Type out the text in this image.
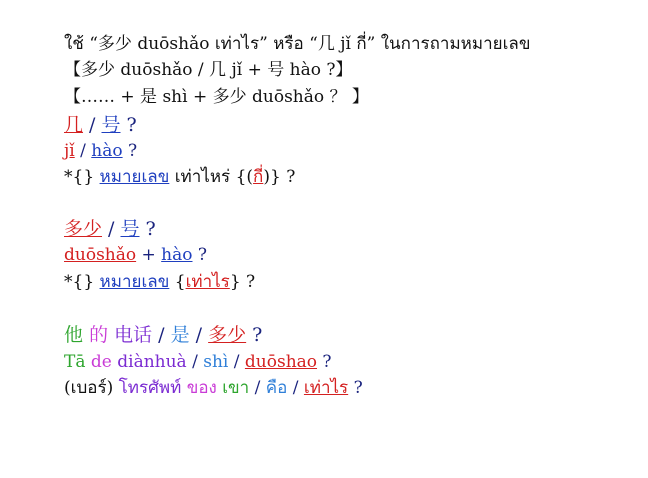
ใช้ “多少 duōshǎo เท่าไร” หรือ “几 jǐ กี่” ในการถามหมายเลข
【多少 duōshǎo / 几 jǐ + 号 hào ?】
【…… + 是 shì + 多少 duōshǎo ？ 】
几 / 号 ?
jǐ / hào ?
*{} หมายเลข เท่าไหร่ {(กี่)} ?
多少 / 号 ?
duōshǎo + hào ?
*{} หมายเลข {เท่าไร} ?
他 的 电话 / 是 / 多少 ?
Tā de diànhuà / shì / duōshao ?
(เบอร์) โทรศัพท์ ของ เขา / คือ / เท่าไร ?
